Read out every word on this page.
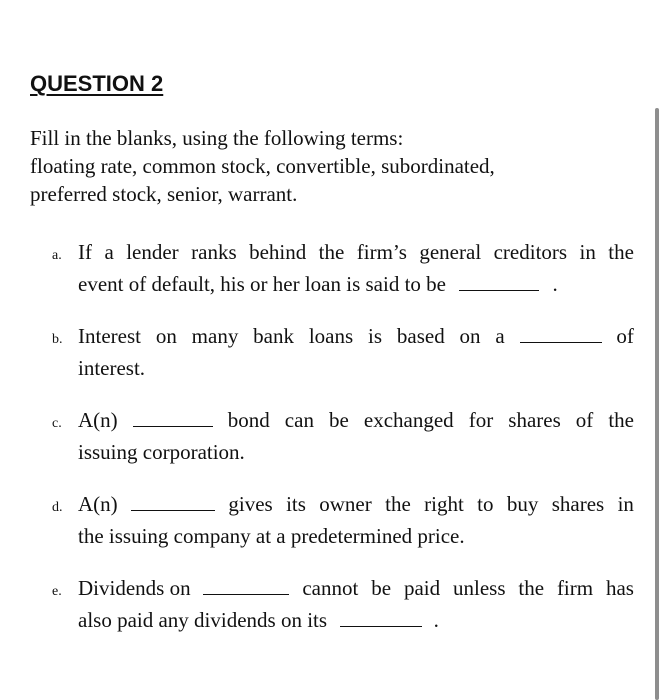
QUESTION 2
Fill in the blanks, using the following terms:
floating rate, common stock, convertible, subordinated,
preferred stock, senior, warrant.
a. If a lender ranks behind the firm’s general creditors in the
event of default, his or her loan is said to be	.
b. Interest on many bank loans is based on a	of
interest.
c. A(n)	bond can be exchanged for shares of the
issuing corporation.
d. A(n)	gives its owner the right to buy shares in
the issuing company at a predetermined price.
e. Dividends on	cannot be paid unless the firm has
also paid any dividends on its	.
